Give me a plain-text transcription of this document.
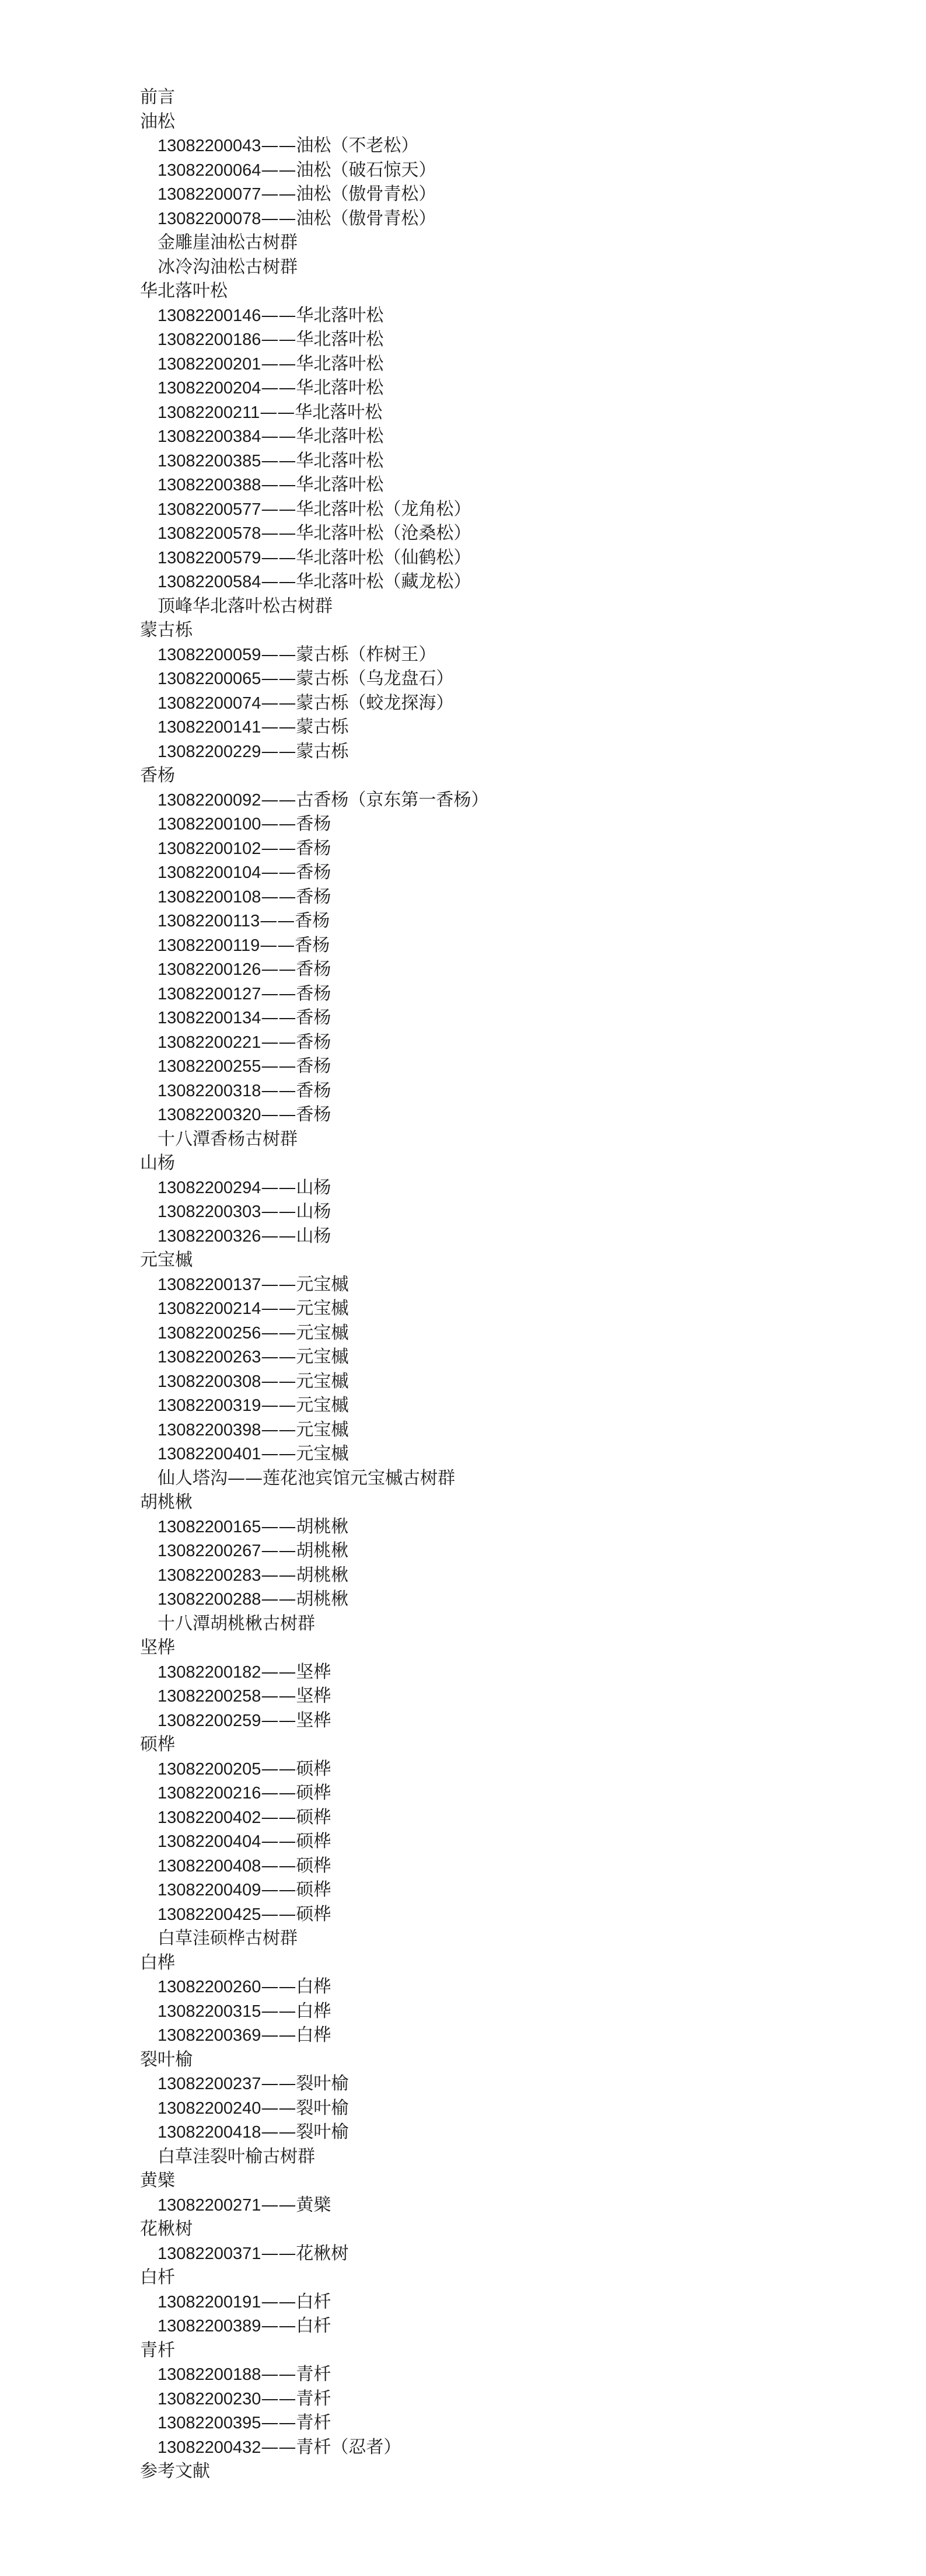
前言
油松
13082200043——油松（不老松）
13082200064——油松（破石惊天）
13082200077——油松（傲骨青松）
13082200078——油松（傲骨青松）
金雕崖油松古树群
冰冷沟油松古树群
华北落叶松
13082200146——华北落叶松
13082200186——华北落叶松
13082200201——华北落叶松
13082200204——华北落叶松
13082200211——华北落叶松
13082200384——华北落叶松
13082200385——华北落叶松
13082200388——华北落叶松
13082200577——华北落叶松（龙角松）
13082200578——华北落叶松（沧桑松）
13082200579——华北落叶松（仙鹤松）
13082200584——华北落叶松（藏龙松）
顶峰华北落叶松古树群
蒙古栎
13082200059——蒙古栎（柞树王）
13082200065——蒙古栎（乌龙盘石）
13082200074——蒙古栎（蛟龙探海）
13082200141——蒙古栎
13082200229——蒙古栎
香杨
13082200092——古香杨（京东第一香杨）
13082200100——香杨
13082200102——香杨
13082200104——香杨
13082200108——香杨
13082200113——香杨
13082200119——香杨
13082200126——香杨
13082200127——香杨
13082200134——香杨
13082200221——香杨
13082200255——香杨
13082200318——香杨
13082200320——香杨
十八潭香杨古树群
山杨
13082200294——山杨
13082200303——山杨
13082200326——山杨
元宝槭
13082200137——元宝槭
13082200214——元宝槭
13082200256——元宝槭
13082200263——元宝槭
13082200308——元宝槭
13082200319——元宝槭
13082200398——元宝槭
13082200401——元宝槭
仙人塔沟——莲花池宾馆元宝槭古树群
胡桃楸
13082200165——胡桃楸
13082200267——胡桃楸
13082200283——胡桃楸
13082200288——胡桃楸
十八潭胡桃楸古树群
坚桦
13082200182——坚桦
13082200258——坚桦
13082200259——坚桦
硕桦
13082200205——硕桦
13082200216——硕桦
13082200402——硕桦
13082200404——硕桦
13082200408——硕桦
13082200409——硕桦
13082200425——硕桦
白草洼硕桦古树群
白桦
13082200260——白桦
13082200315——白桦
13082200369——白桦
裂叶榆
13082200237——裂叶榆
13082200240——裂叶榆
13082200418——裂叶榆
白草洼裂叶榆古树群
黄檗
13082200271——黄檗
花楸树
13082200371——花楸树
白杄
13082200191——白杄
13082200389——白杄
青杄
13082200188——青杄
13082200230——青杄
13082200395——青杄
13082200432——青杄（忍者）
参考文献
